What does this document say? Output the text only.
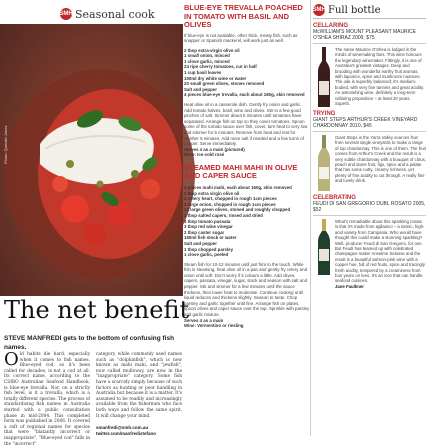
SMH Seasonal cook
Photo: Quentin Jones
The net benefit
STEVE MANFREDI gets to the bottom of confusing fish names.
Old habits die hard, especially when it comes to fish names. Blue-eyed cod, as it's been called for decades, is not a cod at all. Its correct name, according to the CSIRO Australian Seafood Handbook, is blue-eye trevalla. Nor, on a strictly fish level, is it a trevalla, which is a totally different species. The process of standardising fish names in Australia started with a public consultation phase in mid-2004. This completed form was published in 2006. It covered a raft of regional names for species that were "blatantly incorrect or inappropriate". "Blue-eyed cod" falls in the "incorrect"
category, while commonly used names such as "dolphinfish", which is now known as mahi mahi, and "jewfish", now called mulloway, are now in the "inappropriate" category. Some fish have a scarcely simply because of such factors as hunting or poor handling in Australia but because it is a matter. It's assumed to be readily and increasingly available from the fishermen who face both ways and follow the same spirit. It will change your mind.
smanfredi@smh.com.au
twitter.com/manfredistefano
BLUE-EYE TREVALLA POACHED IN TOMATO WITH BASIL AND OLIVES
If blue-eye is not available, other thick, meaty fish, such as snapper or Spanish mackerel, will work just as well.
2 tbsp extra-virgin olive oil
1 small onion, minced
1 clove garlic, minced
24 ripe cherry tomatoes, cut in half
1 cup basil leaves
100ml dry white wine or water
20 small green olives, stones removed
Salt and pepper
4 pieces blue-eye trevalla, each about 160g, skin removed
Heat olive oil in a casserole dish. Gently fry onion and garlic. Add tomato halves, basil, wine and olives. Stir in a few good pinches of salt. Simmer about 5 minutes until tomatoes have separated. Arrange fish on top so they cover tomatoes. Spoon some of the tomato sauce over fish, cover, turn heat to very low and simmer for 5 minutes. Remove from heat and rest for another 5 minutes. Add more salt if needed and a few turns of pepper. Serve immediately.
Serves 4 as a main (pictured)
Wine: Ice-cold rosé
STEAMED MAHI MAHI IN OLIVE AND CAPER SAUCE
4 pieces mahi mahi, each about 160g, skin removed
2 tbsp extra virgin olive oil
1 celery heart, chopped in rough 1cm pieces
1 large onion, chopped in rough 1cm pieces
12 large green olives, stoned and roughly chopped
2 tbsp salted capers, rinsed and dried
4 tbsp tomato passata
3 tbsp red wine vinegar
2 tbsp caster sugar
150ml fish stock or water
Salt and pepper
1 tbsp chopped parsley
1 clove garlic, peeled
Steam fish for 10-12 minutes until just firm to the touch. While fish is steaming, heat olive oil in a pan and gently fry celery and onion until soft. Don't worry if it colours a little. Add olives, capers, passata, vinegar, sugar, stock and season with salt and pepper. Stir and simmer for a few minutes until the sauce thickens, then lower heat to moderate. Continue cooking until liquid reduces and thickens slightly. Season to taste. Chop parsley and garlic together until fine. Arrange fish on plates, spoon olives and caper sauce over the top. Sprinkle with parsley and garlic mixture.
Serves 4 as a main
Wine: Vermentino or riesling
SMH Full bottle
CELLARING
McWILLIAM'S MOUNT PLEASANT MAURICE O'SHEA SHIRAZ 2009, $75
The name Maurice O'Shea is lodged in the minds of winemaking fans. This wine honours the legendary winemaker. Fittingly, it is one of Australia's greatest vintages. Deep and brooding with wonderful earthy fruit aromas, with liquorice, spice and mushroom nuances. The oak is superbly balanced; it's medium-bodied, with very fine tannins and great acidity. An astonishing wine, definitely a long-term cellaring proposition – at least 20 years. Superb.
TRYING
GIANT STEPS ARTHUR'S CREEK VINEYARD CHARDONNAY 2010, $45
Giant Steps in the Yarra Valley sources fruit from several single vineyards to make a range of top chardonnay. This is one of them. The fruit comes from Arthur's Creek and the result is a very subtle chardonnay with a bouquet of citrus, peach and stone fruit, figs, spice and a palate that has some nutty, creamy richness, yet plenty of fine acidity to cut through. A really fine and lovely drink.
CELEBRATING
FEUDI DI SAN GREGORIO DUBL ROSATO 2005, $52
What's remarkable about this sparkling rosato is that it's made from aglianico – a tannic, high-acid variety from Campania. Who would have thought this could make a stunning sparkling? Well, producer Feudi di San Gregorio, for one. But Feudi has teamed up with celebrated champagne maker Anselme Selosse and the result is a beautiful salmon-pink wine with a copper hue, full of red fruits, spice and tracingly fresh acidity, tempered by a creaminess from four years on lees. It's an icon that can handle seafood cuisines.
Jane Faulkner
